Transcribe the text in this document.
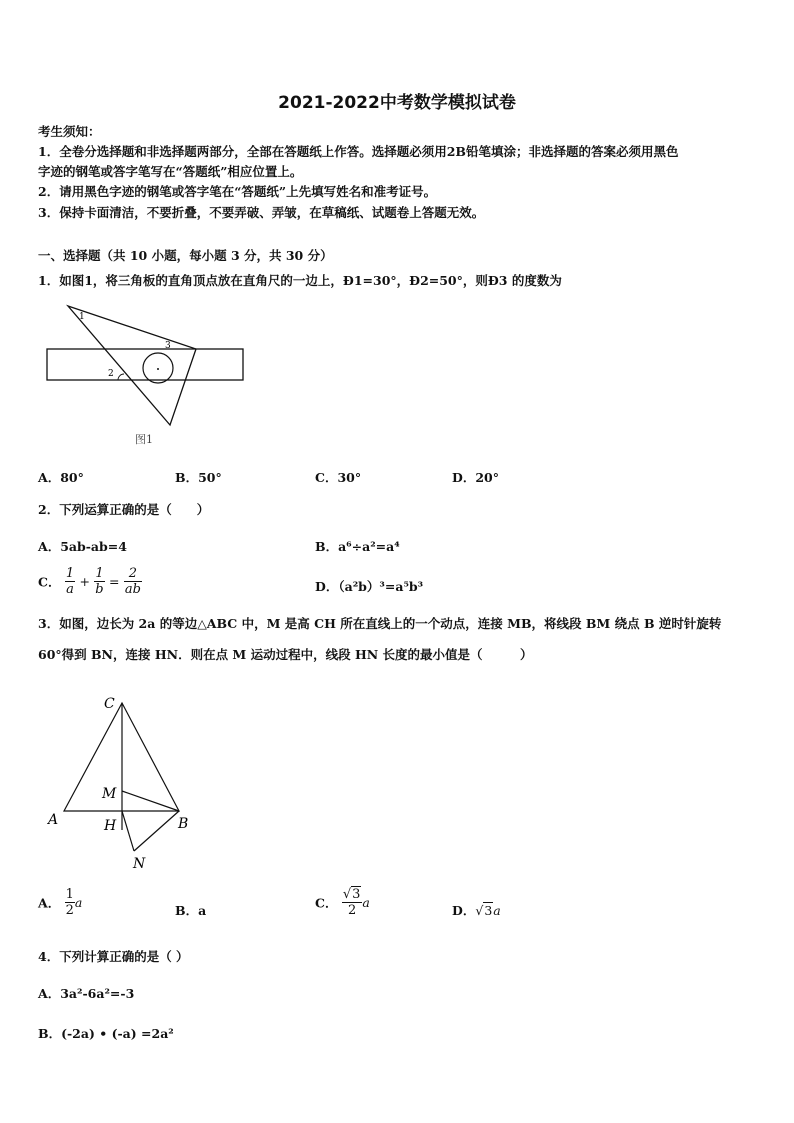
2021-2022中考数学模拟试卷
考生须知：
1．全卷分选择题和非选择题两部分，全部在答题纸上作答。选择题必须用2B铅笔填涂；非选择题的答案必须用黑色
字迹的钢笔或答字笔写在“答题纸”相应位置上。
2．请用黑色字迹的钢笔或答字笔在“答题纸”上先填写姓名和准考证号。
3．保持卡面清洁，不要折叠，不要弄破、弄皱，在草稿纸、试题卷上答题无效。
一、选择题（共 10 小题，每小题 3 分，共 30 分）
1．如图1，将三角板的直角顶点放在直角尺的一边上，Ð1=30°，Ð2=50°，则Ð3 的度数为
1
2
3
图1
A．80°	B．50°	C．30°	D．20°
2．下列运算正确的是（　　）
A．5ab-ab=4	B．a⁶÷a²=a⁴
C． $\frac{1}{a} + \frac{1}{b} = \frac{2}{ab}$	D．（a²b）³=a⁵b³
3．如图，边长为 2a 的等边△ABC 中，M 是高 CH 所在直线上的一个动点，连接 MB，将线段 BM 绕点 B 逆时针旋转
60°得到 BN，连接 HN．则在点 M 运动过程中，线段 HN 长度的最小值是（　　　）
C
M
A	H	B
N
A． $\frac{1}{2}$ a
B．a	C． $\frac{√3}{2}$ a
D．√3a
4．下列计算正确的是（ ）
A．3a²-6a²=-3
B．(-2a) • (-a) =2a²
